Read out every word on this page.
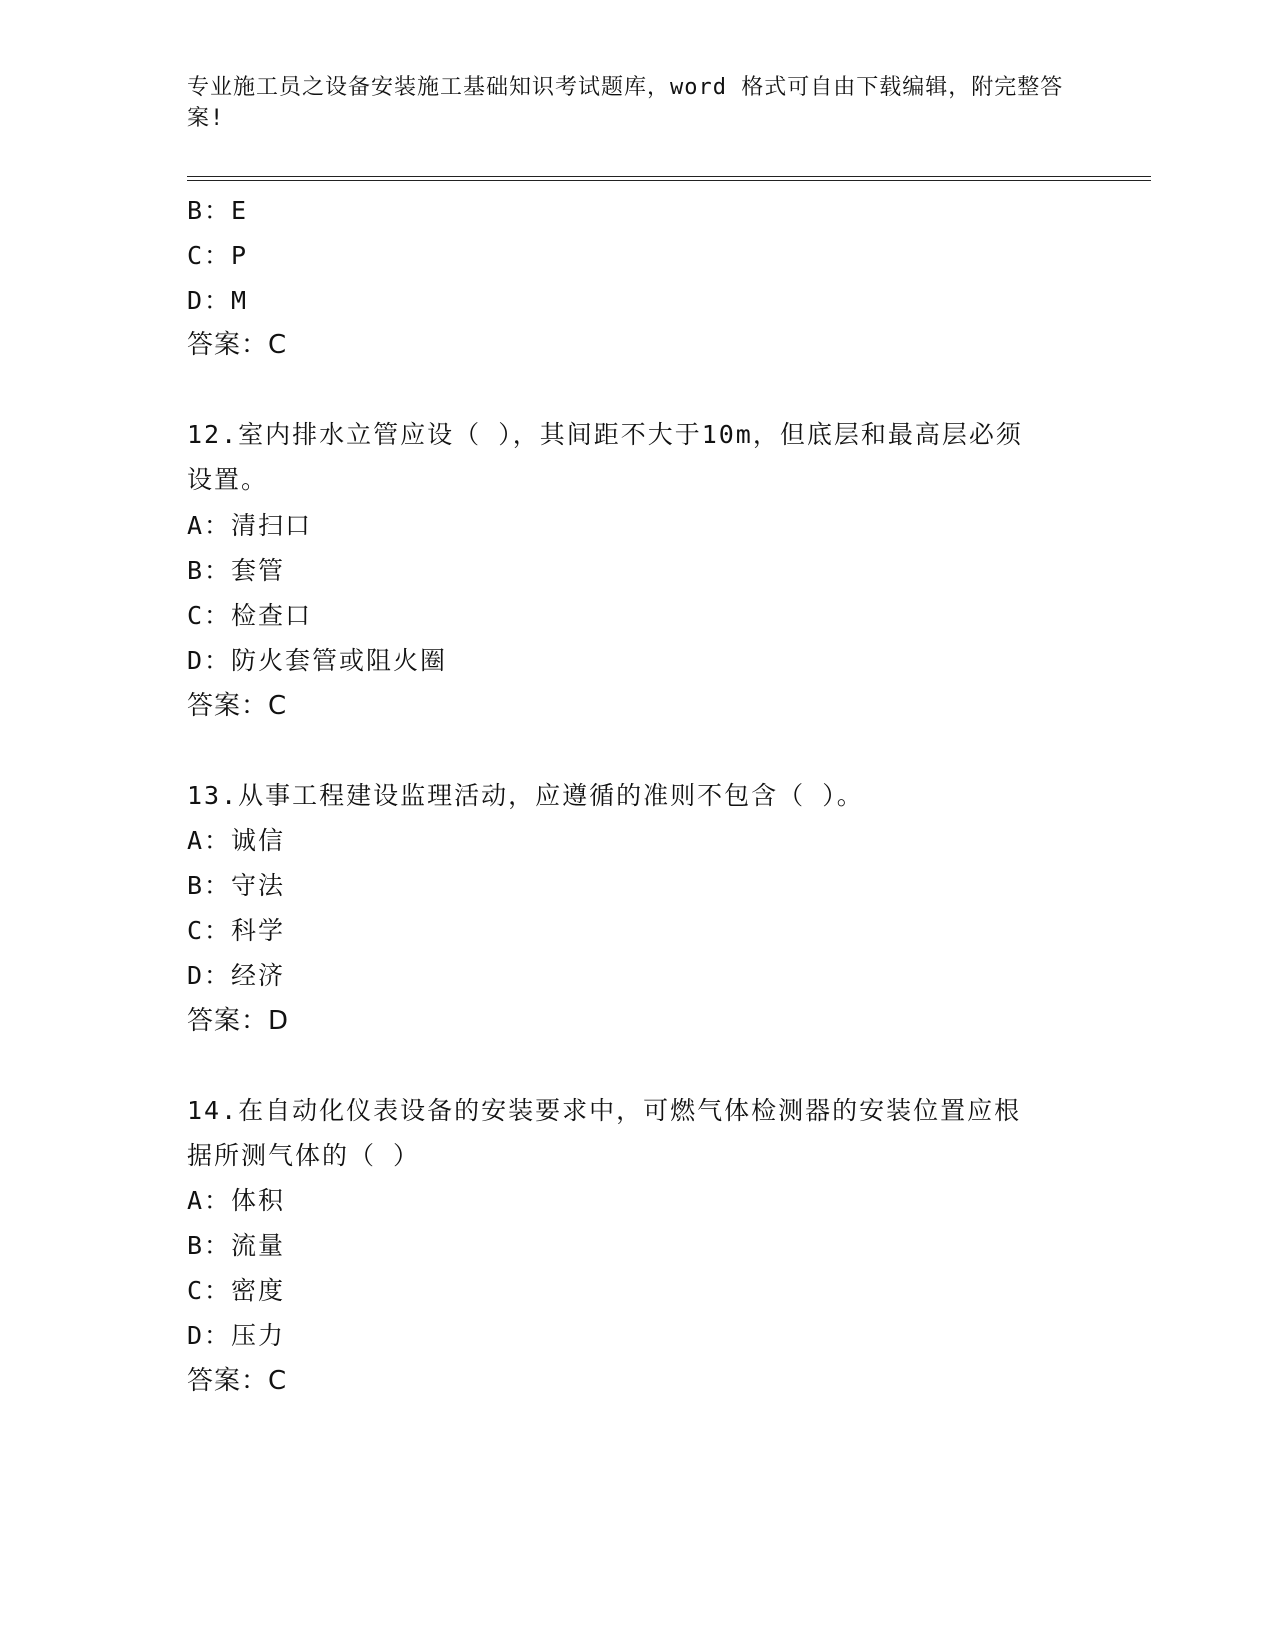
专业施工员之设备安装施工基础知识考试题库，word 格式可自由下载编辑，附完整答案!
B：E
C：P
D：M
答案：C
12.室内排水立管应设（ ），其间距不大于10m，但底层和最高层必须
设置。
A：清扫口
B：套管
C：检查口
D：防火套管或阻火圈
答案：C
13.从事工程建设监理活动，应遵循的准则不包含（ ）。
A：诚信
B：守法
C：科学
D：经济
答案：D
14.在自动化仪表设备的安装要求中，可燃气体检测器的安装位置应根
据所测气体的（ ）
A：体积
B：流量
C：密度
D：压力
答案：C
